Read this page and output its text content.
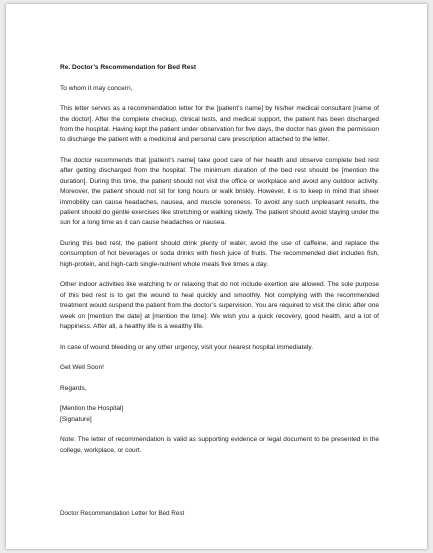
Re. Doctor’s Recommendation for Bed Rest

To whom it may concern,

This letter serves as a recommendation letter for the [patient’s name] by his/her medical consultant [name of the doctor]. After the complete checkup, clinical tests, and medical support, the patient has been discharged from the hospital. Having kept the patient under observation for five days, the doctor has given the permission to discharge the patient with a medicinal and personal care prescription attached to the letter.

The doctor recommends that [patient’s name] take good care of her health and observe complete bed rest after getting discharged from the hospital. The minimum duration of the bed rest should be [mention the duration]. During this time, the patient should not visit the office or workplace and avoid any outdoor activity. Moreover, the patient should not sit for long hours or walk briskly. However, it is to keep in mind that sheer immobility can cause headaches, nausea, and muscle soreness. To avoid any such unpleasant results, the patient should do gentle exercises like stretching or walking slowly. The patient should avoid staying under the sun for a long time as it can cause headaches or nausea.

During this bed rest, the patient should drink plenty of water, avoid the use of caffeine, and replace the consumption of hot beverages or soda drinks with fresh juice of fruits. The recommended diet includes fish, high-protein, and high-carb single-nutrient whole meals five times a day.

Other indoor activities like watching tv or relaxing that do not include exertion are allowed. The sole purpose of this bed rest is to get the wound to heal quickly and smoothly. Not complying with the recommended treatment would suspend the patient from the doctor’s supervision. You are required to visit the clinic after one week on [mention the date] at [mention the time]. We wish you a quick recovery, good health, and a lot of happiness. After all, a healthy life is a wealthy life.

In case of wound bleeding or any other urgency, visit your nearest hospital immediately.

Get Well Soon!

Regards,

[Mention the Hospital]

[Signature]

Note: The letter of recommendation is valid as supporting evidence or legal document to be presented in the college, workplace, or court.

Doctor Recommendation Letter for Bed Rest
